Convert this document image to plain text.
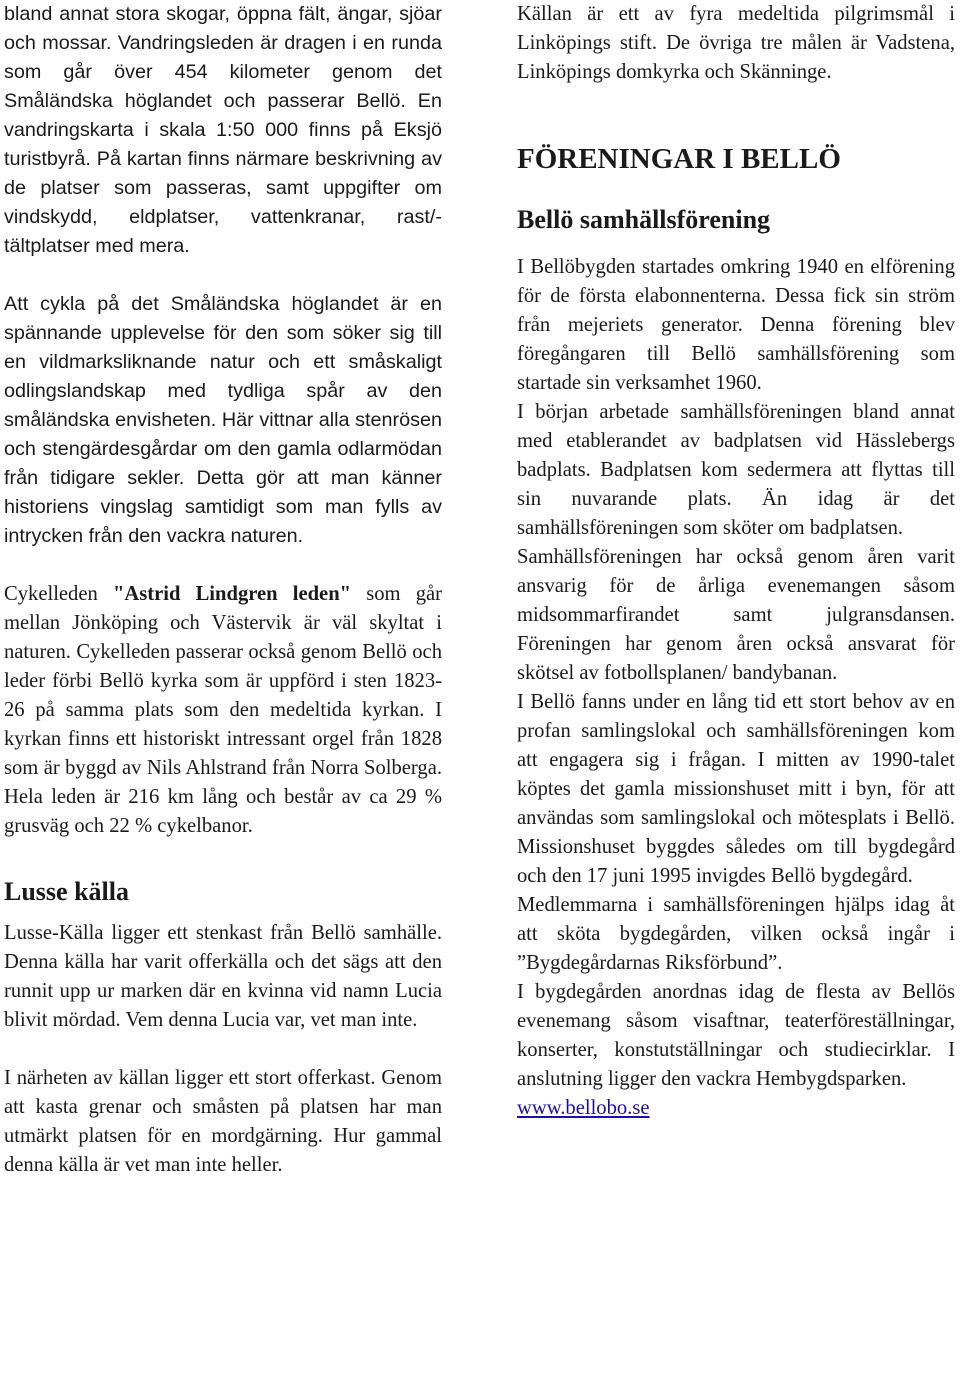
bland annat stora skogar, öppna fält, ängar, sjöar och mossar. Vandringsleden är dragen i en runda som går över 454 kilometer genom det Småländska höglandet och passerar Bellö. En vandringskarta i skala 1:50 000 finns på Eksjö turistbyrå. På kartan finns närmare beskrivning av de platser som passeras, samt uppgifter om vindskydd, eldplatser, vattenkranar, rast/-tältplatser med mera.

Att cykla på det Småländska höglandet är en spännande upplevelse för den som söker sig till en vildmarksliknande natur och ett småskaligt odlingslandskap med tydliga spår av den småländska envisheten. Här vittnar alla stenrösen och stengärdesgårdar om den gamla odlarmödan från tidigare sekler. Detta gör att man känner historiens vingslag samtidigt som man fylls av intrycken från den vackra naturen.

Cykelleden "Astrid Lindgren leden" som går mellan Jönköping och Västervik är väl skyltat i naturen. Cykelleden passerar också genom Bellö och leder förbi Bellö kyrka som är uppförd i sten 1823-26 på samma plats som den medeltida kyrkan. I kyrkan finns ett historiskt intressant orgel från 1828 som är byggd av Nils Ahlstrand från Norra Solberga. Hela leden är 216 km lång och består av ca 29 % grusväg och 22 % cykelbanor.

Lusse källa

Lusse-Källa ligger ett stenkast från Bellö samhälle. Denna källa har varit offerkälla och det sägs att den runnit upp ur marken där en kvinna vid namn Lucia blivit mördad. Vem denna Lucia var, vet man inte.

I närheten av källan ligger ett stort offerkast. Genom att kasta grenar och småsten på platsen har man utmärkt platsen för en mordgärning. Hur gammal denna källa är vet man inte heller.

Källan är ett av fyra medeltida pilgrimsmål i Linköpings stift. De övriga tre målen är Vadstena, Linköpings domkyrka och Skänninge.

FÖRENINGAR I BELLÖ
Bellö samhällsförening

I Bellöbygden startades omkring 1940 en elförening för de första elabonnenterna. Dessa fick sin ström från mejeriets generator. Denna förening blev föregångaren till Bellö samhällsförening som startade sin verksamhet 1960.

I början arbetade samhällsföreningen bland annat med etablerandet av badplatsen vid Hässlebergs badplats. Badplatsen kom sedermera att flyttas till sin nuvarande plats. Än idag är det samhällsföreningen som sköter om badplatsen.

Samhällsföreningen har också genom åren varit ansvarig för de årliga evenemangen såsom midsommarfirandet samt julgransdansen. Föreningen har genom åren också ansvarat för skötsel av fotbollsplanen/ bandybanan.

I Bellö fanns under en lång tid ett stort behov av en profan samlingslokal och samhällsföreningen kom att engagera sig i frågan. I mitten av 1990-talet köptes det gamla missionshuset mitt i byn, för att användas som samlingslokal och mötesplats i Bellö. Missionshuset byggdes således om till bygdegård och den 17 juni 1995 invigdes Bellö bygdegård.

Medlemmarna i samhällsföreningen hjälps idag åt att sköta bygdegården, vilken också ingår i ”Bygdegårdarnas Riksförbund”.

I bygdegården anordnas idag de flesta av Bellös evenemang såsom visaftnar, teaterföreställningar, konserter, konstutställningar och studiecirklar. I anslutning ligger den vackra Hembygdsparken.

www.bellobo.se
